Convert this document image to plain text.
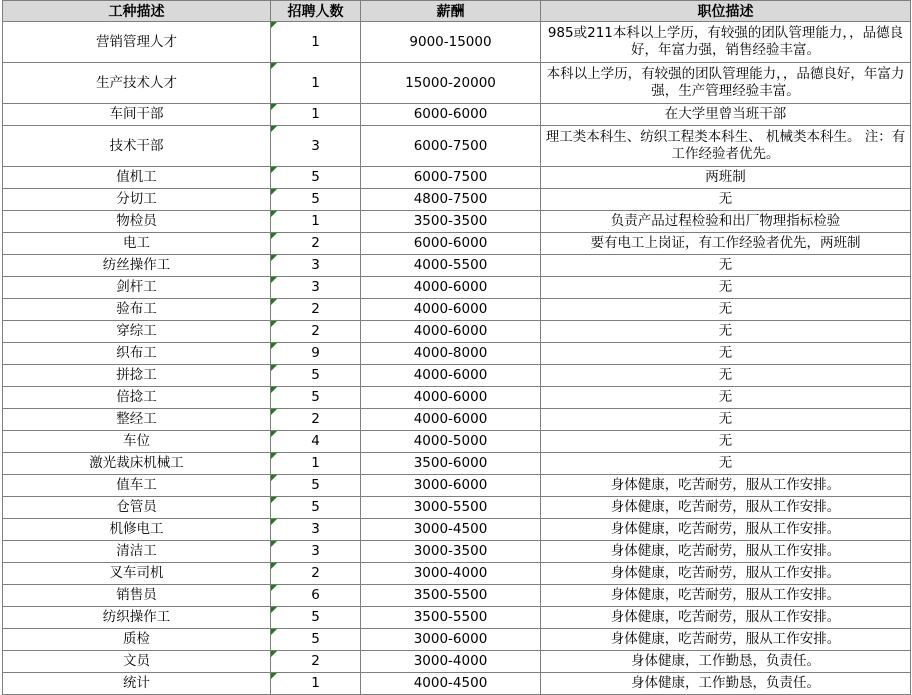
工种描述	招聘人数	薪酬	职位描述
营销管理人才	1	9000-15000	985或211本科以上学历，有较强的团队管理能力，，品德良好，年富力强，销售经验丰富。
生产技术人才	1	15000-20000	本科以上学历，有较强的团队管理能力，，品德良好，年富力强，生产管理经验丰富。
车间干部	1	6000-6000	在大学里曾当班干部
技术干部	3	6000-7500	理工类本科生、纺织工程类本科生、 机械类本科生。 注：有工作经验者优先。
值机工	5	6000-7500	两班制
分切工	5	4800-7500	无
物检员	1	3500-3500	负责产品过程检验和出厂物理指标检验
电工	2	6000-6000	要有电工上岗证，有工作经验者优先，两班制
纺丝操作工	3	4000-5500	无
剑杆工	3	4000-6000	无
验布工	2	4000-6000	无
穿综工	2	4000-6000	无
织布工	9	4000-8000	无
拼捻工	5	4000-6000	无
倍捻工	5	4000-6000	无
整经工	2	4000-6000	无
车位	4	4000-5000	无
激光裁床机械工	1	3500-6000	无
值车工	5	3000-6000	身体健康，吃苦耐劳，服从工作安排。
仓管员	5	3000-5500	身体健康，吃苦耐劳，服从工作安排。
机修电工	3	3000-4500	身体健康，吃苦耐劳，服从工作安排。
清洁工	3	3000-3500	身体健康，吃苦耐劳，服从工作安排。
叉车司机	2	3000-4000	身体健康，吃苦耐劳，服从工作安排。
销售员	6	3500-5500	身体健康，吃苦耐劳，服从工作安排。
纺织操作工	5	3500-5500	身体健康，吃苦耐劳，服从工作安排。
质检	5	3000-6000	身体健康，吃苦耐劳，服从工作安排。
文员	2	3000-4000	身体健康，工作勤恳，负责任。
统计	1	4000-4500	身体健康，工作勤恳，负责任。
